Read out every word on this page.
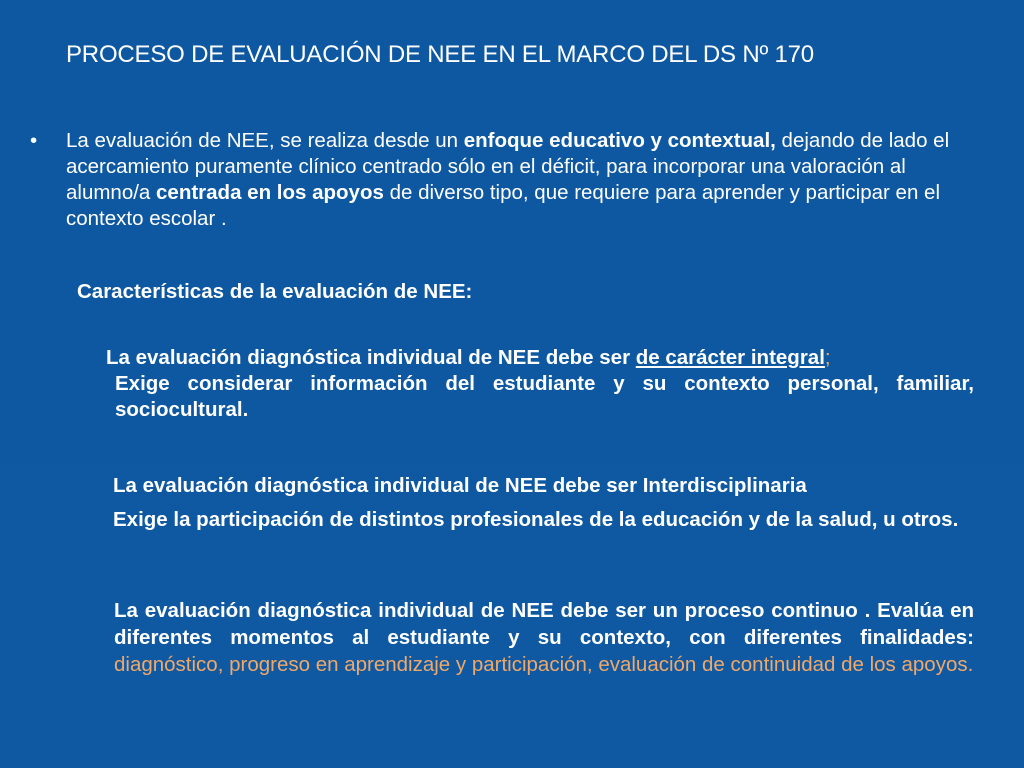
PROCESO DE EVALUACIÓN DE NEE EN EL MARCO DEL DS Nº 170
• La evaluación de NEE, se realiza desde un enfoque educativo y contextual, dejando de lado el acercamiento puramente clínico centrado sólo en el déficit, para incorporar una valoración al alumno/a centrada en los apoyos de diverso tipo, que requiere para aprender y participar en el contexto escolar .
Características de la evaluación de NEE:
La evaluación diagnóstica individual de NEE debe ser de carácter integral;
Exige considerar información del estudiante y su contexto personal, familiar, sociocultural.
La evaluación diagnóstica individual de NEE debe ser Interdisciplinaria
Exige la participación de distintos profesionales de la educación y de la salud, u otros.
La evaluación diagnóstica individual de NEE debe ser un proceso continuo . Evalúa en diferentes momentos al estudiante y su contexto, con diferentes finalidades: diagnóstico, progreso en aprendizaje y participación, evaluación de continuidad de los apoyos.
